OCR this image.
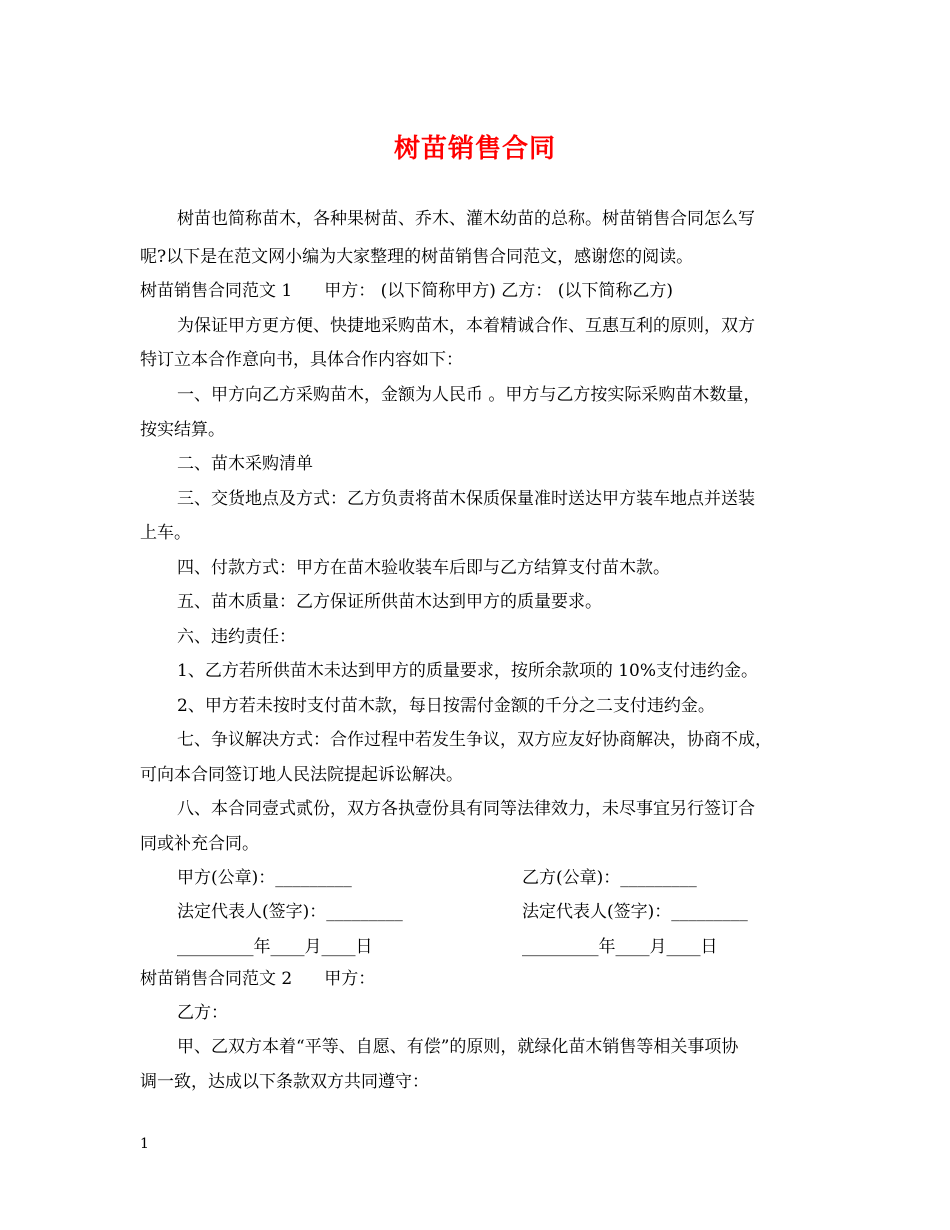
树苗销售合同
树苗也简称苗木，各种果树苗、乔木、灌木幼苗的总称。树苗销售合同怎么写
呢?以下是在范文网小编为大家整理的树苗销售合同范文，感谢您的阅读。
树苗销售合同范文 1 甲方： (以下简称甲方) 乙方： (以下简称乙方)
为保证甲方更方便、快捷地采购苗木，本着精诚合作、互惠互利的原则，双方
特订立本合作意向书，具体合作内容如下：
一、甲方向乙方采购苗木，金额为人民币 。甲方与乙方按实际采购苗木数量，
按实结算。
二、苗木采购清单
三、交货地点及方式：乙方负责将苗木保质保量准时送达甲方装车地点并送装
上车。
四、付款方式：甲方在苗木验收装车后即与乙方结算支付苗木款。
五、苗木质量：乙方保证所供苗木达到甲方的质量要求。
六、违约责任：
1、乙方若所供苗木未达到甲方的质量要求，按所余款项的 10%支付违约金。
2、甲方若未按时支付苗木款，每日按需付金额的千分之二支付违约金。
七、争议解决方式：合作过程中若发生争议，双方应友好协商解决，协商不成，
可向本合同签订地人民法院提起诉讼解决。
八、本合同壹式贰份，双方各执壹份具有同等法律效力，未尽事宜另行签订合
同或补充合同。
甲方(公章)：_________	乙方(公章)：_________
法定代表人(签字)：_________	法定代表人(签字)：_________
_________年____月____日	_________年____月____日
树苗销售合同范文 2 甲方：
乙方：
甲、乙双方本着“平等、自愿、有偿”的原则，就绿化苗木销售等相关事项协
调一致，达成以下条款双方共同遵守：
1
